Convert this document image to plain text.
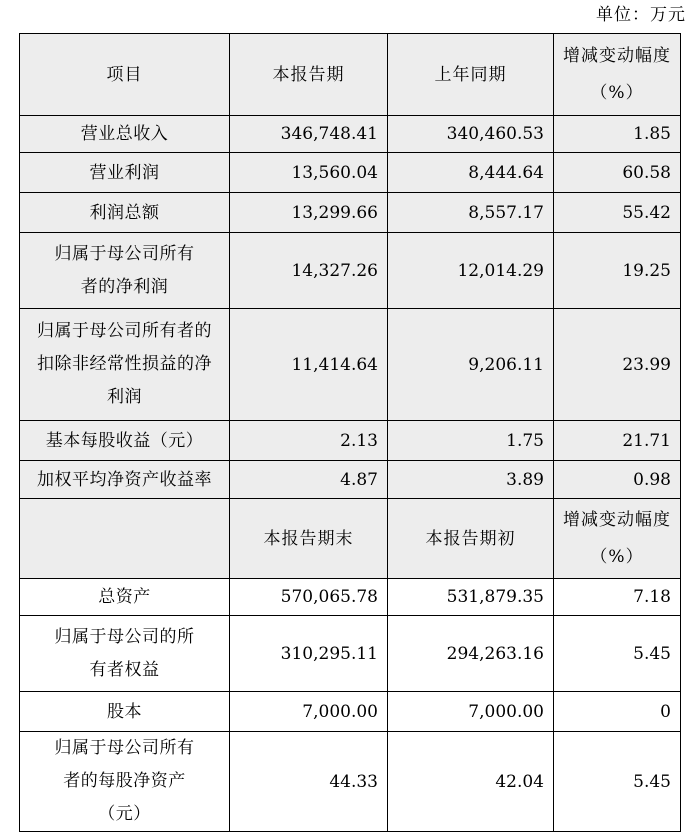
单位：万元
项目	本报告期	上年同期	增减变动幅度（%）
营业总收入	346,748.41	340,460.53	1.85
营业利润	13,560.04	8,444.64	60.58
利润总额	13,299.66	8,557.17	55.42
归属于母公司所有者的净利润	14,327.26	12,014.29	19.25
归属于母公司所有者的扣除非经常性损益的净利润	11,414.64	9,206.11	23.99
基本每股收益（元）	2.13	1.75	21.71
加权平均净资产收益率	4.87	3.89	0.98
	本报告期末	本报告期初	增减变动幅度（%）
总资产	570,065.78	531,879.35	7.18
归属于母公司的所有者权益	310,295.11	294,263.16	5.45
股本	7,000.00	7,000.00	0
归属于母公司所有者的每股净资产（元）	44.33	42.04	5.45
